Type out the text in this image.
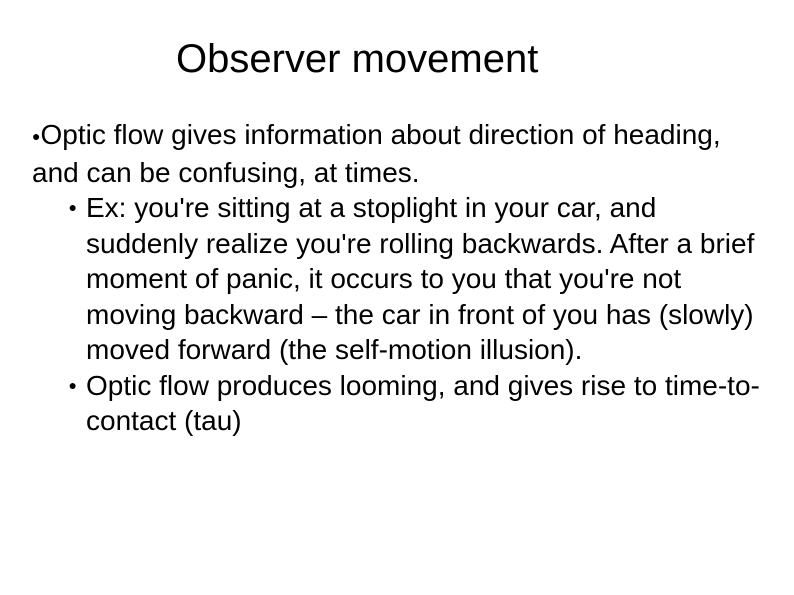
Observer movement

●Optic flow gives information about direction of heading, and can be confusing, at times.

● Ex: you're sitting at a stoplight in your car, and suddenly realize you're rolling backwards. After a brief moment of panic, it occurs to you that you're not moving backward – the car in front of you has (slowly) moved forward (the self-motion illusion).
● Optic flow produces looming, and gives rise to time-to-contact (tau)
